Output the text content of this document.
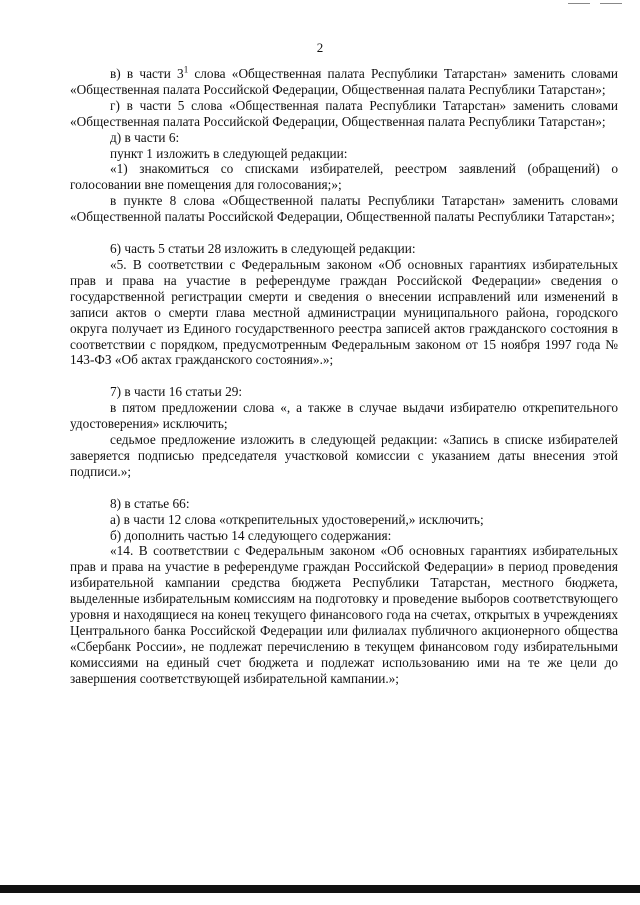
2

в) в части $3^1$ слова «Общественная палата Республики Татарстан» заменить словами «Общественная палата Российской Федерации, Общественная палата Республики Татарстан»;

г) в части 5 слова «Общественная палата Республики Татарстан» заменить словами «Общественная палата Российской Федерации, Общественная палата Республики Татарстан»;

д) в части 6:

пункт 1 изложить в следующей редакции:

«1) знакомиться со списками избирателей, реестром заявлений (обращений) о голосовании вне помещения для голосования;»;

в пункте 8 слова «Общественной палаты Республики Татарстан» заменить словами «Общественной палаты Российской Федерации, Общественной палаты Республики Татарстан»;

6) часть 5 статьи 28 изложить в следующей редакции:

«5. В соответствии с Федеральным законом «Об основных гарантиях избирательных прав и права на участие в референдуме граждан Российской Федерации» сведения о государственной регистрации смерти и сведения о внесении исправлений или изменений в записи актов о смерти глава местной администрации муниципального района, городского округа получает из Единого государственного реестра записей актов гражданского состояния в соответствии с порядком, предусмотренным Федеральным законом от 15 ноября 1997 года № 143-ФЗ «Об актах гражданского состояния».»;

7) в части 16 статьи 29:

в пятом предложении слова «, а также в случае выдачи избирателю открепительного удостоверения» исключить;

седьмое предложение изложить в следующей редакции: «Запись в списке избирателей заверяется подписью председателя участковой комиссии с указанием даты внесения этой подписи.»;

8) в статье 66:

а) в части 12 слова «открепительных удостоверений,» исключить;

б) дополнить частью 14 следующего содержания:

«14. В соответствии с Федеральным законом «Об основных гарантиях избирательных прав и права на участие в референдуме граждан Российской Федерации» в период проведения избирательной кампании средства бюджета Республики Татарстан, местного бюджета, выделенные избирательным комиссиям на подготовку и проведение выборов соответствующего уровня и находящиеся на конец текущего финансового года на счетах, открытых в учреждениях Центрального банка Российской Федерации или филиалах публичного акционерного общества «Сбербанк России», не подлежат перечислению в текущем финансовом году избирательными комиссиями на единый счет бюджета и подлежат использованию ими на те же цели до завершения соответствующей избирательной кампании.»;
